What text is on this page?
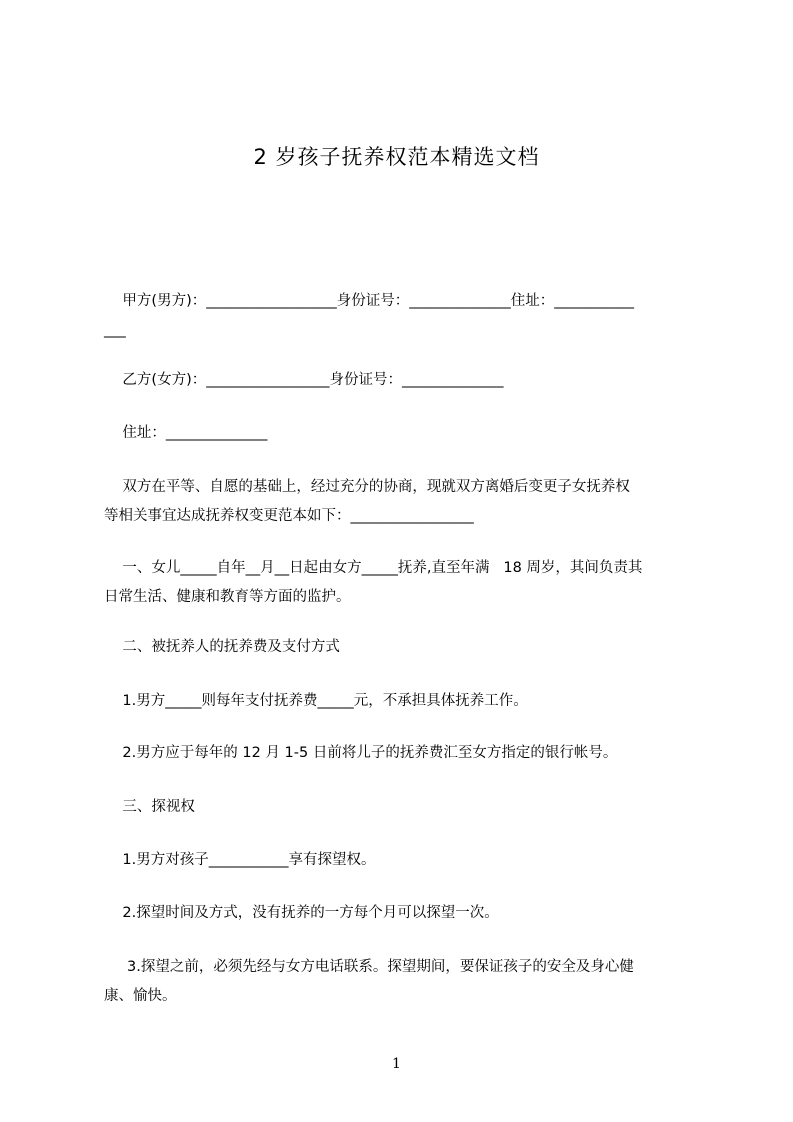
2 岁孩子抚养权范本精选文档

甲方(男方)：__________________身份证号：______________住址：___________

___

乙方(女方)：_________________身份证号：______________

住址：______________

双方在平等、自愿的基础上，经过充分的协商，现就双方离婚后变更子女抚养权

等相关事宜达成抚养权变更范本如下：_________________

一、女儿_____自年__月__日起由女方_____抚养,直至年满   18 周岁，其间负责其

日常生活、健康和教育等方面的监护。

二、被抚养人的抚养费及支付方式

1.男方_____则每年支付抚养费_____元，不承担具体抚养工作。

2.男方应于每年的 12 月 1-5 日前将儿子的抚养费汇至女方指定的银行帐号。

三、探视权

1.男方对孩子___________享有探望权。

2.探望时间及方式，没有抚养的一方每个月可以探望一次。

3.探望之前，必须先经与女方电话联系。探望期间，要保证孩子的安全及身心健

康、愉快。

1
